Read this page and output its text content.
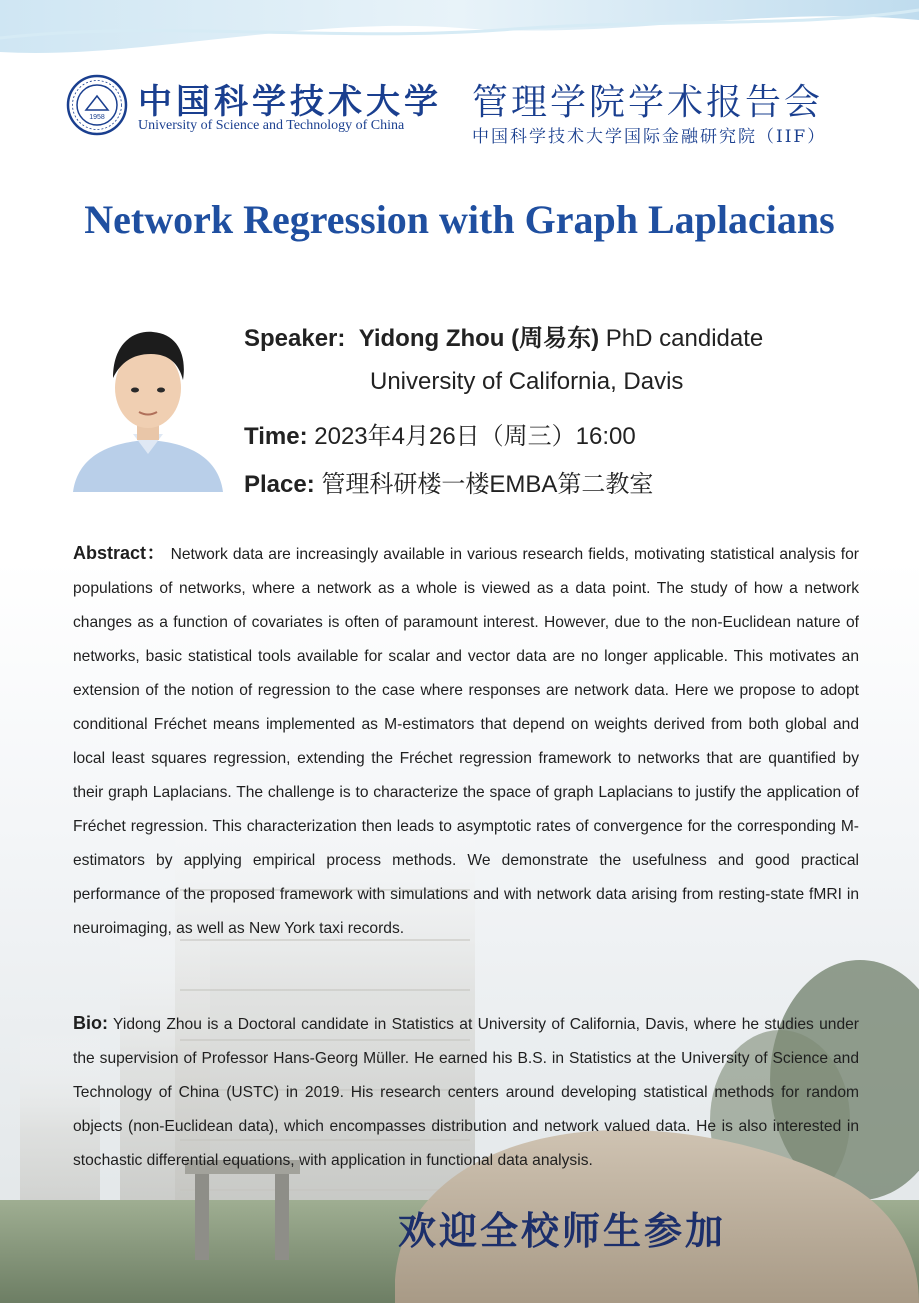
1958 中国科学技术大学
University of Science and Technology of China
管理学院学术报告会
中国科学技术大学国际金融研究院（IIF）
Network Regression with Graph Laplacians
Speaker: Yidong Zhou (周易东) PhD candidate
University of California, Davis
Time: 2023年4月26日（周三）16:00
Place: 管理科研楼一楼EMBA第二教室
Abstract： Network data are increasingly available in various research fields, motivating statistical analysis for populations of networks, where a network as a whole is viewed as a data point. The study of how a network changes as a function of covariates is often of paramount interest. However, due to the non-Euclidean nature of networks, basic statistical tools available for scalar and vector data are no longer applicable. This motivates an extension of the notion of regression to the case where responses are network data. Here we propose to adopt conditional Fréchet means implemented as M-estimators that depend on weights derived from both global and local least squares regression, extending the Fréchet regression framework to networks that are quantified by their graph Laplacians. The challenge is to characterize the space of graph Laplacians to justify the application of Fréchet regression. This characterization then leads to asymptotic rates of convergence for the corresponding M-estimators by applying empirical process methods. We demonstrate the usefulness and good practical performance of the proposed framework with simulations and with network data arising from resting-state fMRI in neuroimaging, as well as New York taxi records.
Bio: Yidong Zhou is a Doctoral candidate in Statistics at University of California, Davis, where he studies under the supervision of Professor Hans-Georg Müller. He earned his B.S. in Statistics at the University of Science and Technology of China (USTC) in 2019. His research centers around developing statistical methods for random objects (non-Euclidean data), which encompasses distribution and network valued data. He is also interested in stochastic differential equations, with application in functional data analysis.
欢迎全校师生参加
